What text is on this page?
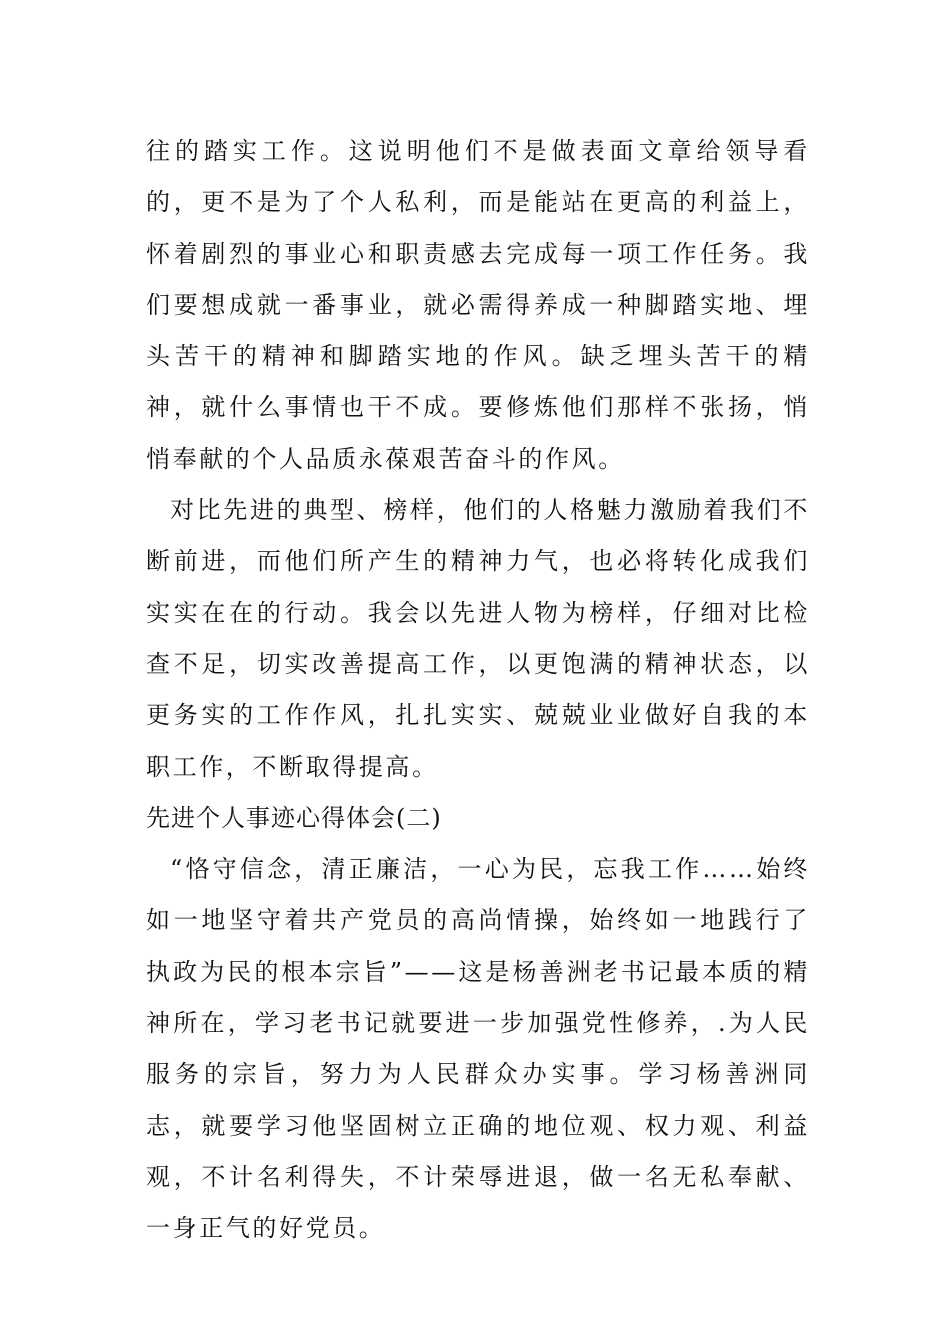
往的踏实工作。这说明他们不是做表面文章给领导看的，更不是为了个人私利，而是能站在更高的利益上，怀着剧烈的事业心和职责感去完成每一项工作任务。我们要想成就一番事业，就必需得养成一种脚踏实地、埋头苦干的精神和脚踏实地的作风。缺乏埋头苦干的精神，就什么事情也干不成。要修炼他们那样不张扬，悄悄奉献的个人品质永葆艰苦奋斗的作风。

对比先进的典型、榜样，他们的人格魅力激励着我们不断前进，而他们所产生的精神力气，也必将转化成我们实实在在的行动。我会以先进人物为榜样，仔细对比检查不足，切实改善提高工作，以更饱满的精神状态，以更务实的工作作风，扎扎实实、兢兢业业做好自我的本职工作，不断取得提高。

先进个人事迹心得体会(二)

“恪守信念，清正廉洁，一心为民，忘我工作……始终如一地坚守着共产党员的高尚情操，始终如一地践行了执政为民的根本宗旨”——这是杨善洲老书记最本质的精神所在，学习老书记就要进一步加强党性修养，.为人民服务的宗旨，努力为人民群众办实事。学习杨善洲同志，就要学习他坚固树立正确的地位观、权力观、利益观，不计名利得失，不计荣辱进退，做一名无私奉献、一身正气的好党员。
